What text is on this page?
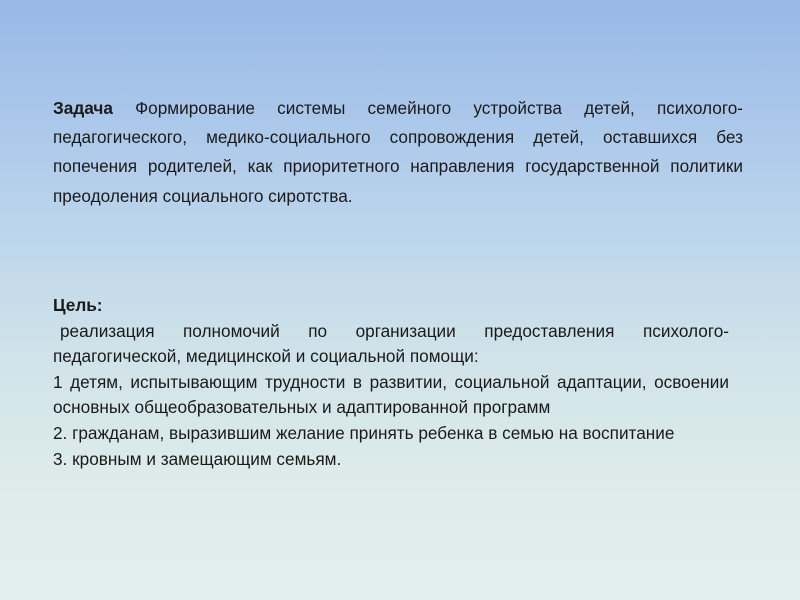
Задача Формирование системы семейного устройства детей, психолого-педагогического, медико-социального сопровождения детей, оставшихся без попечения родителей, как приоритетного направления государственной политики преодоления социального сиротства.
Цель:
реализация полномочий по организации предоставления психолого-педагогической, медицинской и социальной помощи:
1 детям, испытывающим трудности в развитии, социальной адаптации, освоении основных общеобразовательных и адаптированной программ
2. гражданам, выразившим желание принять ребенка в семью на воспитание
3. кровным и замещающим семьям.
